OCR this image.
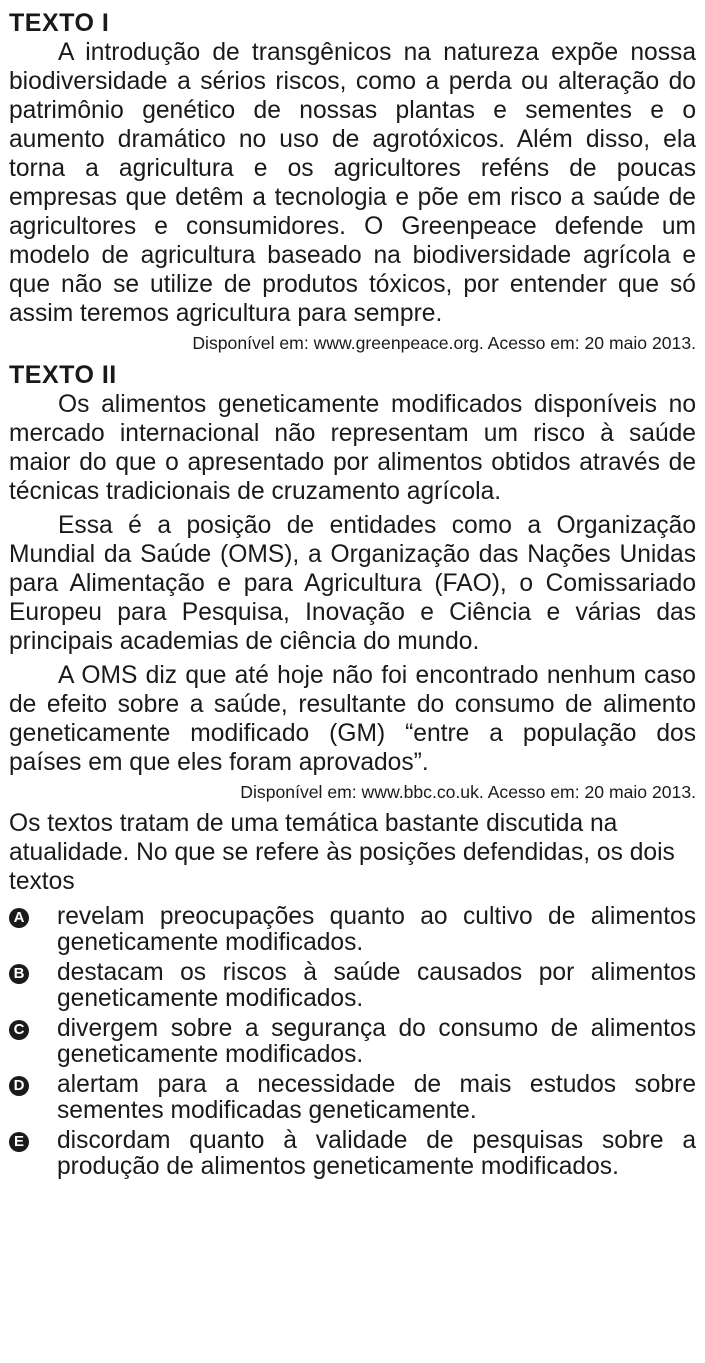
TEXTO I

A introdução de transgênicos na natureza expõe nossa biodiversidade a sérios riscos, como a perda ou alteração do patrimônio genético de nossas plantas e sementes e o aumento dramático no uso de agrotóxicos. Além disso, ela torna a agricultura e os agricultores reféns de poucas empresas que detêm a tecnologia e põe em risco a saúde de agricultores e consumidores. O Greenpeace defende um modelo de agricultura baseado na biodiversidade agrícola e que não se utilize de produtos tóxicos, por entender que só assim teremos agricultura para sempre.

Disponível em: www.greenpeace.org. Acesso em: 20 maio 2013.
TEXTO II

Os alimentos geneticamente modificados disponíveis no mercado internacional não representam um risco à saúde maior do que o apresentado por alimentos obtidos através de técnicas tradicionais de cruzamento agrícola.

Essa é a posição de entidades como a Organização Mundial da Saúde (OMS), a Organização das Nações Unidas para Alimentação e para Agricultura (FAO), o Comissariado Europeu para Pesquisa, Inovação e Ciência e várias das principais academias de ciência do mundo.

A OMS diz que até hoje não foi encontrado nenhum caso de efeito sobre a saúde, resultante do consumo de alimento geneticamente modificado (GM) “entre a população dos países em que eles foram aprovados”.

Disponível em: www.bbc.co.uk. Acesso em: 20 maio 2013.

Os textos tratam de uma temática bastante discutida na atualidade. No que se refere às posições defendidas, os dois textos

A revelam preocupações quanto ao cultivo de alimentos geneticamente modificados.
B destacam os riscos à saúde causados por alimentos geneticamente modificados.
C divergem sobre a segurança do consumo de alimentos geneticamente modificados.
D alertam para a necessidade de mais estudos sobre sementes modificadas geneticamente.
E discordam quanto à validade de pesquisas sobre a produção de alimentos geneticamente modificados.
